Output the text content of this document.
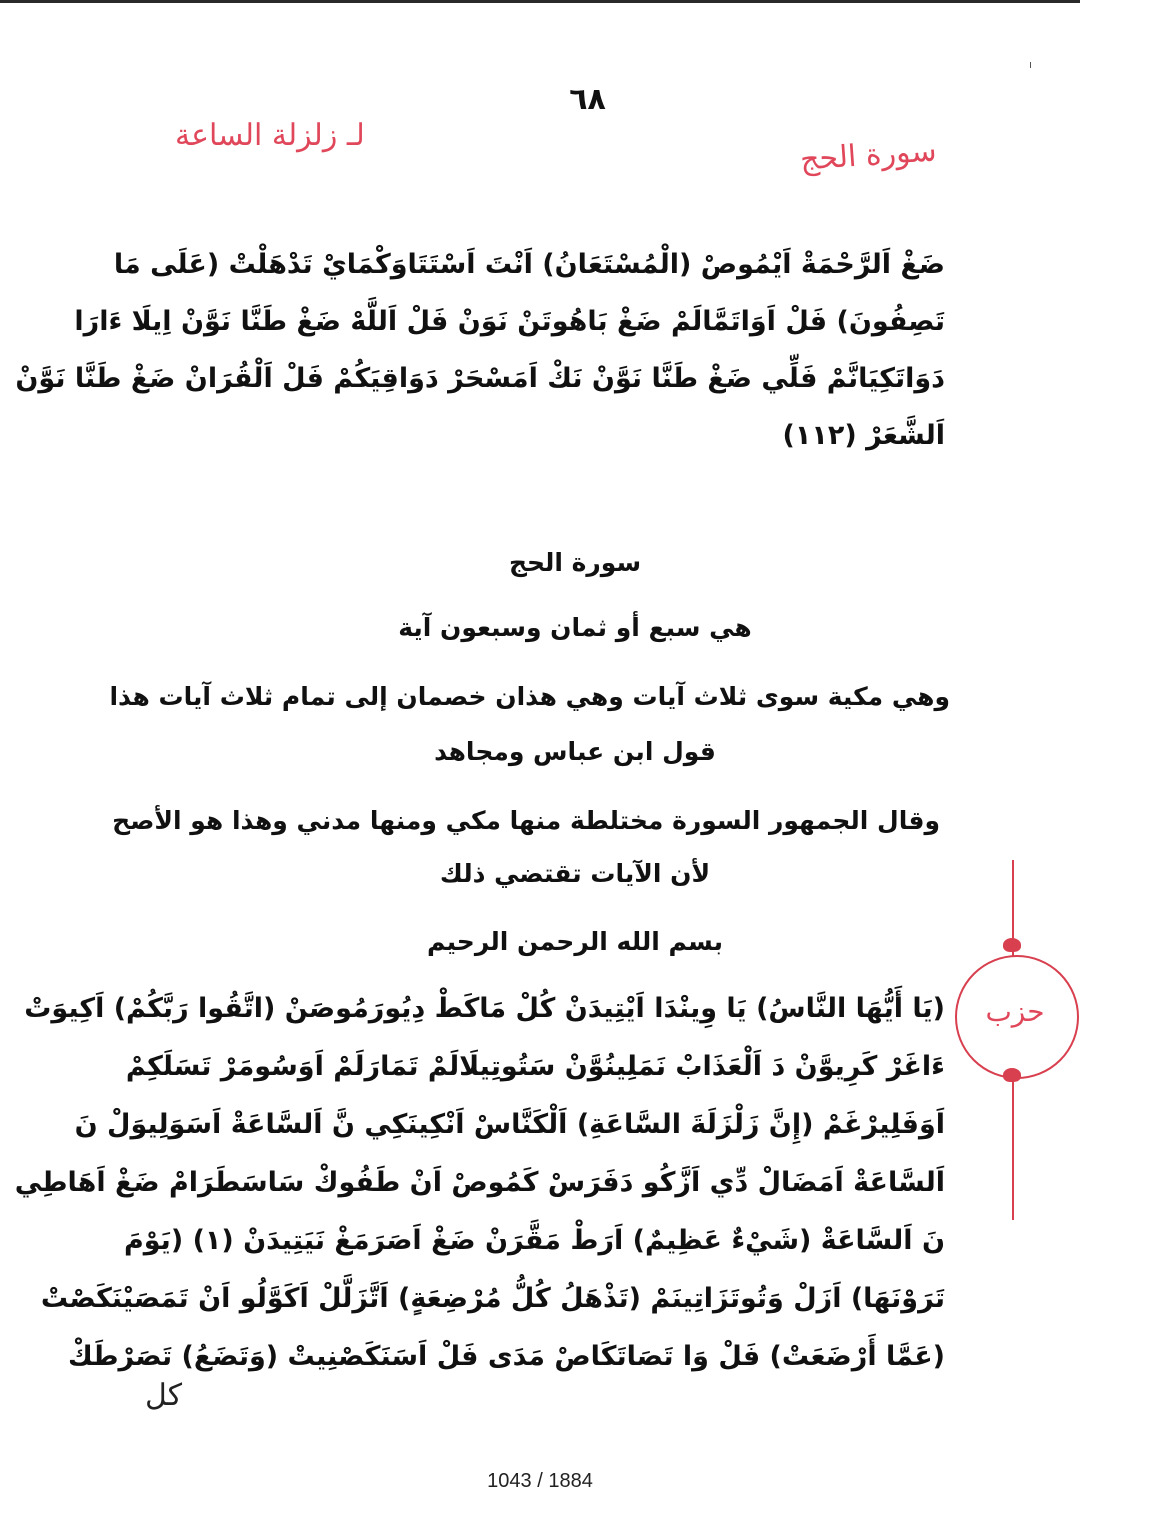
٦٨
لـ زلزلة الساعة	سورة الحج
ضَغْ اَلرَّحْمَةْ اَيْمُوصْ (الْمُسْتَعَانُ) اَنْتَ اَسْتَتَاوَكْمَايْ تَدْهَلْتْ (عَلَى مَا
تَصِفُونَ) فَلْ اَوَاتَمَّالَمْ ضَغْ بَاهُوتَنْ نَوَنْ فَلْ اَللَّهْ ضَغْ طَنَّا نَوَّنْ اِيلَا ءَارَا
دَوَاتَكِيَانَّمْ فَلِّي ضَغْ طَنَّا نَوَّنْ نَكْ اَمَسْحَرْ دَوَاقِيَكُمْ فَلْ اَلْقُرَانْ ضَغْ طَنَّا نَوَّنْ
اَلشَّعَرْ (١١٢)
سورة الحج
هي سبع أو ثمان وسبعون آية
وهي مكية سوى ثلاث آيات وهي هذان خصمان إلى تمام ثلاث آيات هذا
قول ابن عباس ومجاهد
وقال الجمهور السورة مختلطة منها مكي ومنها مدني وهذا هو الأصح
لأن الآيات تقتضي ذلك
بسم الله الرحمن الرحيم
حزب
(يَا أَيُّهَا النَّاسُ) يَا وِينْدَا اَيْتِيدَنْ كُلْ مَاكَطْ دِيُورَمُوصَنْ (اتَّقُوا رَبَّكُمْ) اَكِيوَتْ
ءَاغَرْ كَرِيوَّنْ دَ اَلْعَذَابْ نَمَلِينُوَّنْ سَتُوتِيلَالَمْ تَمَارَلَمْ اَوَسُومَرْ تَسَلَكِمْ
اَوَفَلِيرْغَمْ (إِنَّ زَلْزَلَةَ السَّاعَةِ) اَلْكَنَّاسْ اَنْكِينَكِي نَّ اَلسَّاعَةْ اَسَوَلِيوَلْ نَ
اَلسَّاعَةْ اَمَضَالْ دِّي اَزَّكُو دَفَرَسْ كَمُوصْ اَنْ طَفُوكْ سَاسَطَرَامْ ضَغْ اَهَاطِي
نَ اَلسَّاعَةْ (شَيْءٌ عَظِيمٌ) اَرَطْ مَقَّرَنْ ضَغْ اَصَرَمَغْ نَيَتِيدَنْ (١) (يَوْمَ
تَرَوْنَهَا) اَزَلْ وَتُوتَزَاتِينَمْ (تَذْهَلُ كُلُّ مُرْضِعَةٍ) اَتَّزَلَّلْ اَكَوَّلُو اَنْ تَمَصَيْنَكَصْتْ
(عَمَّا أَرْضَعَتْ) فَلْ وَا تَصَاتَكَاصْ مَدَى فَلْ اَسَنَكَصْنِيتْ (وَتَضَعُ) تَصَرْطَكْ
كل
1043 / 1884
